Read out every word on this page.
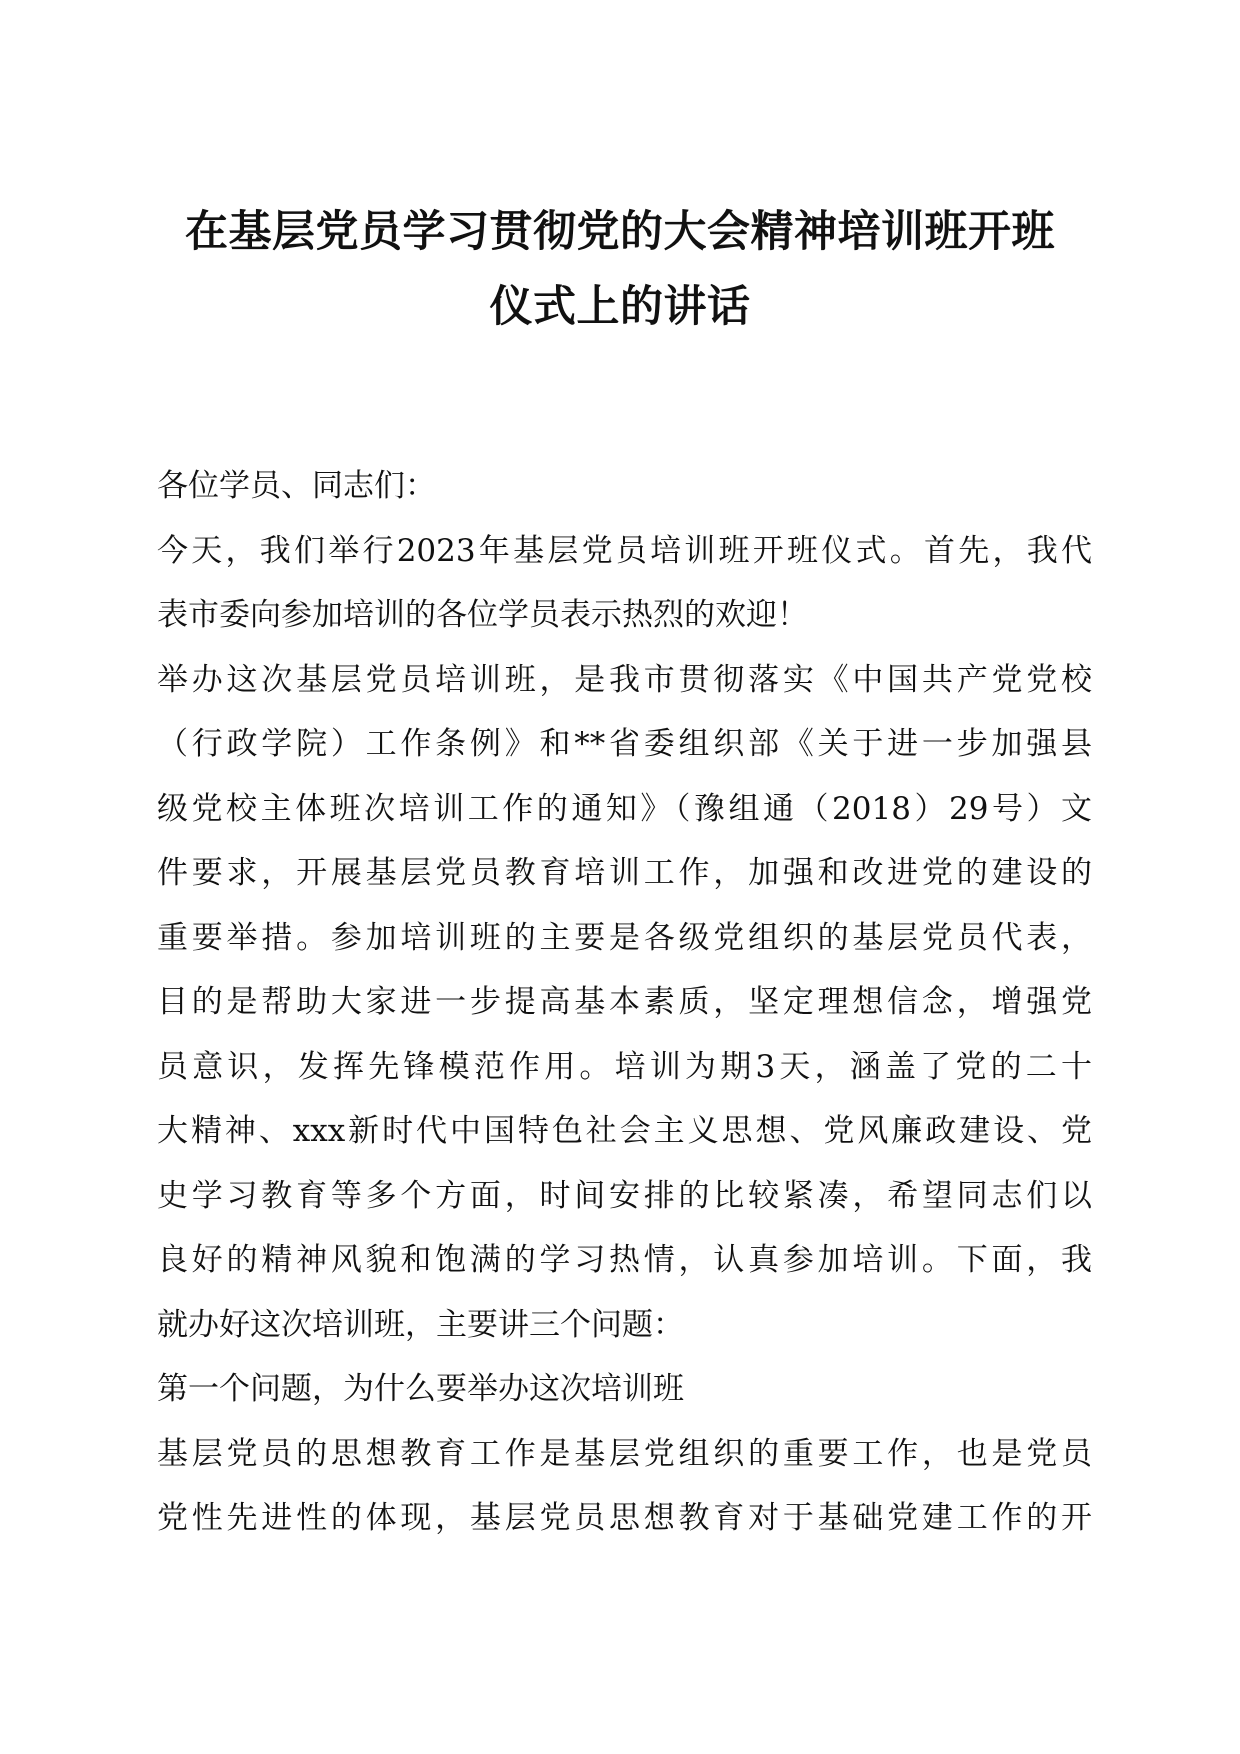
在基层党员学习贯彻党的大会精神培训班开班
仪式上的讲话
各位学员、同志们：
今天，我们举行2023年基层党员培训班开班仪式。首先，我代
表市委向参加培训的各位学员表示热烈的欢迎！
举办这次基层党员培训班，是我市贯彻落实《中国共产党党校
（行政学院）工作条例》和**省委组织部《关于进一步加强县
级党校主体班次培训工作的通知》（豫组通（2018）29号）文
件要求，开展基层党员教育培训工作，加强和改进党的建设的
重要举措。参加培训班的主要是各级党组织的基层党员代表，
目的是帮助大家进一步提高基本素质，坚定理想信念，增强党
员意识，发挥先锋模范作用。培训为期3天，涵盖了党的二十
大精神、xxx新时代中国特色社会主义思想、党风廉政建设、党
史学习教育等多个方面，时间安排的比较紧凑，希望同志们以
良好的精神风貌和饱满的学习热情，认真参加培训。下面，我
就办好这次培训班，主要讲三个问题：
第一个问题，为什么要举办这次培训班
基层党员的思想教育工作是基层党组织的重要工作，也是党员
党性先进性的体现，基层党员思想教育对于基础党建工作的开
